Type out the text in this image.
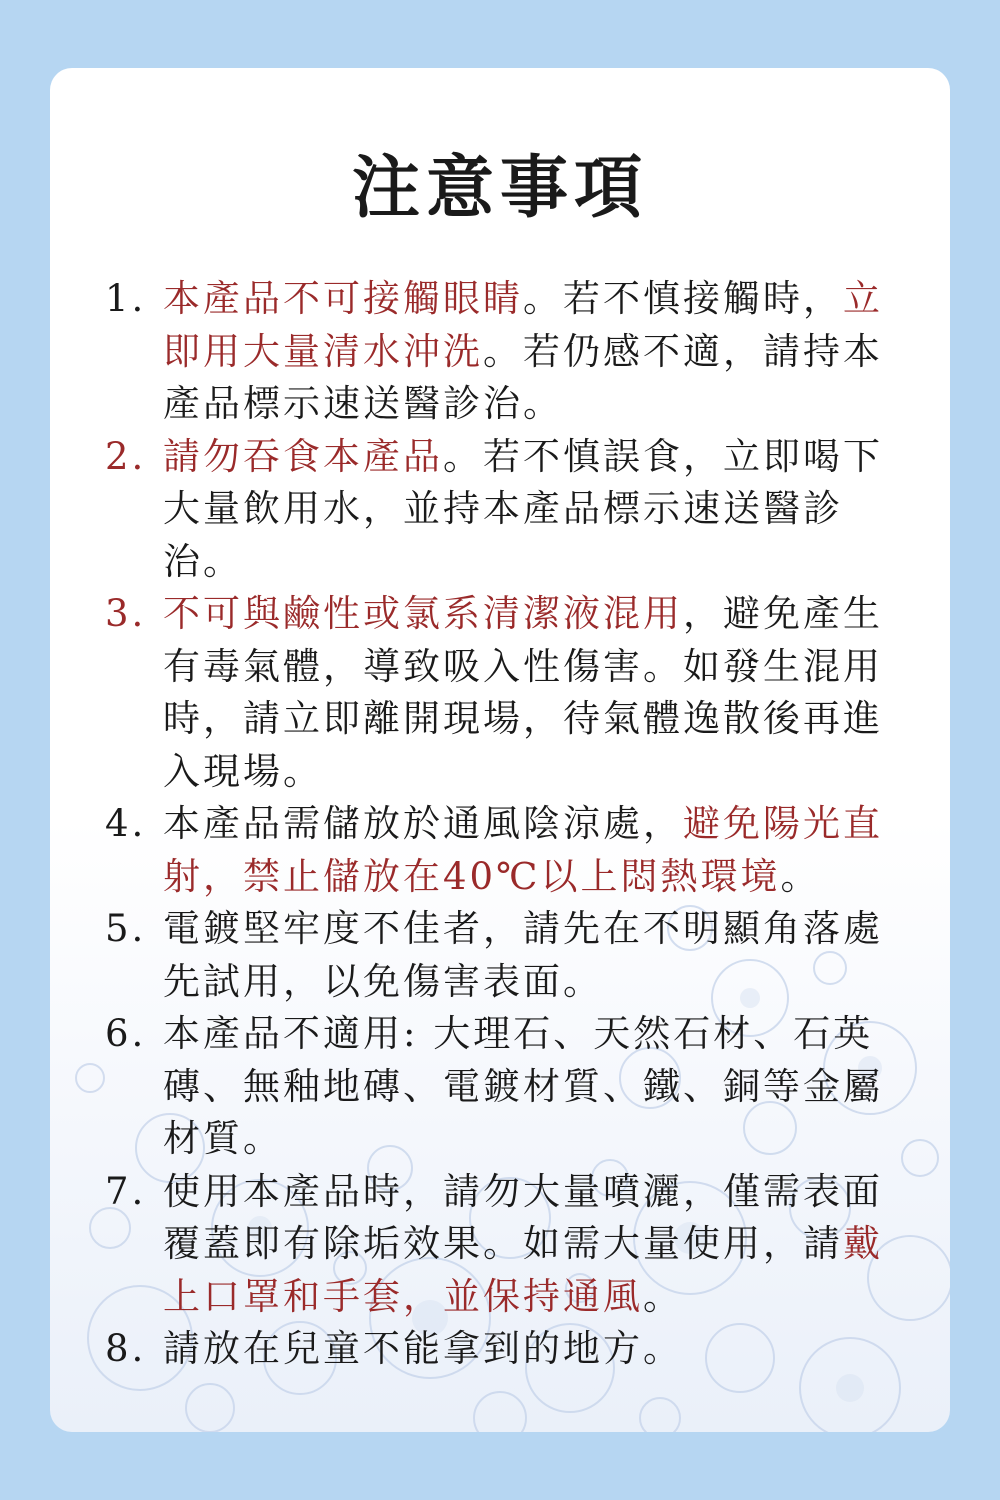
注意事項
1. 本產品不可接觸眼睛。若不慎接觸時，立即用大量清水沖洗。若仍感不適，請持本產品標示速送醫診治。
2. 請勿吞食本產品。若不慎誤食，立即喝下大量飲用水，並持本產品標示速送醫診治。
3. 不可與鹼性或氯系清潔液混用，避免產生有毒氣體，導致吸入性傷害。如發生混用時，請立即離開現場，待氣體逸散後再進入現場。
4. 本產品需儲放於通風陰涼處，避免陽光直射，禁止儲放在40℃以上悶熱環境。
5. 電鍍堅牢度不佳者，請先在不明顯角落處先試用，以免傷害表面。
6. 本產品不適用: 大理石、天然石材、石英磚、無釉地磚、電鍍材質、鐵、銅等金屬材質。
7. 使用本產品時，請勿大量噴灑，僅需表面覆蓋即有除垢效果。如需大量使用，請戴上口罩和手套，並保持通風。
8. 請放在兒童不能拿到的地方。
